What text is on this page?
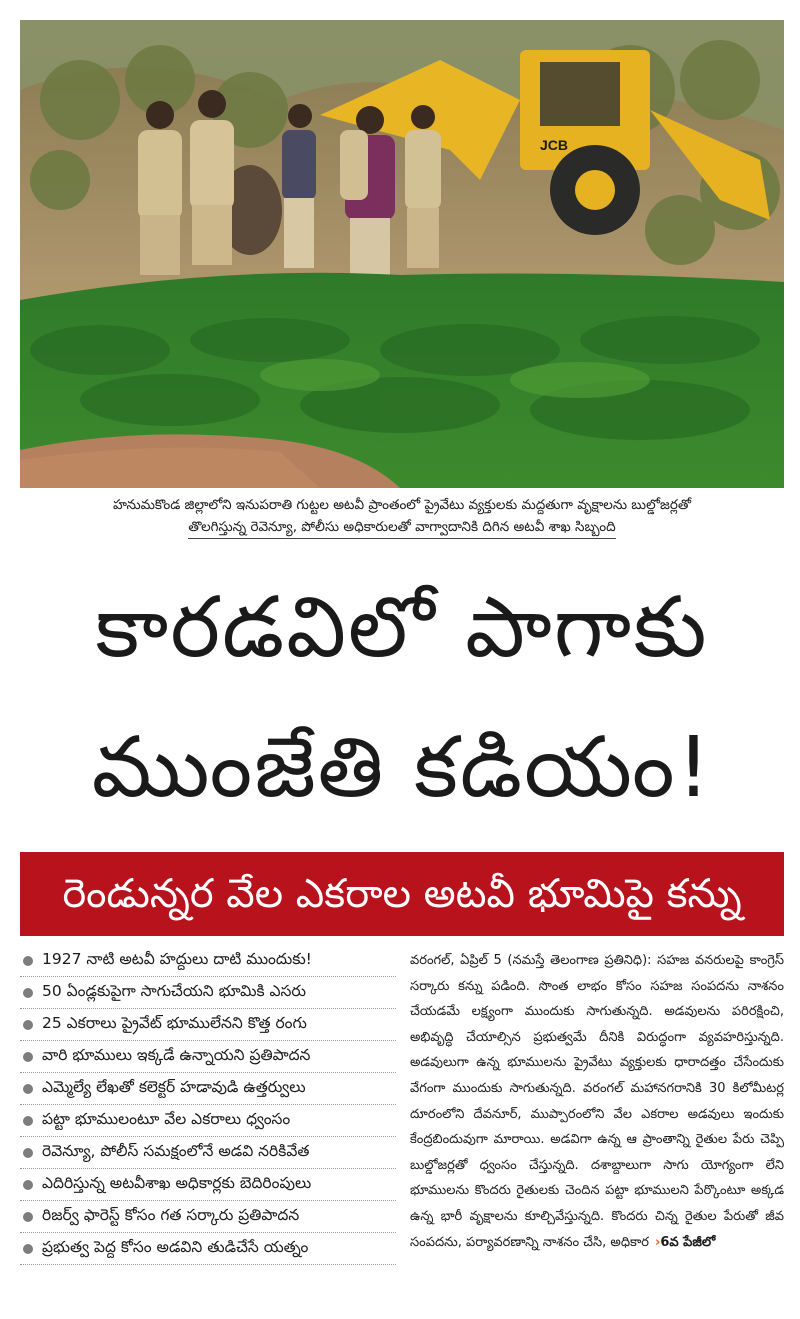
JCB
హనుమకొండ జిల్లాలోని ఇనుపరాతి గుట్టల అటవీ ప్రాంతంలో ప్రైవేటు వ్యక్తులకు మద్దతుగా వృక్షాలను బుల్డోజర్లతో
తొలగిస్తున్న రెవెన్యూ, పోలీసు అధికారులతో వాగ్వాదానికి దిగిన అటవీ శాఖ సిబ్బంది
కారడవిలో పాగాకు
ముంజేతి కడియం!
రెండున్నర వేల ఎకరాల అటవీ భూమిపై కన్ను
1927 నాటి అటవీ హద్దులు దాటి ముందుకు!
50 ఏండ్లకుపైగా సాగుచేయని భూమికి ఎసరు
25 ఎకరాలు ప్రైవేట్ భూములేనని కొత్త రంగు
వారి భూములు ఇక్కడే ఉన్నాయని ప్రతిపాదన
ఎమ్మెల్యే లేఖతో కలెక్టర్ హడావుడి ఉత్తర్వులు
పట్టా భూములంటూ వేల ఎకరాలు ధ్వంసం
రెవెన్యూ, పోలీస్ సమక్షంలోనే అడవి నరికివేత
ఎదిరిస్తున్న అటవీశాఖ అధికార్లకు బెదిరింపులు
రిజర్వ్ ఫారెస్ట్ కోసం గత సర్కారు ప్రతిపాదన
ప్రభుత్వ పెద్ద కోసం అడవిని తుడిచేసే యత్నం

వరంగల్, ఏప్రిల్ 5 (నమస్తే తెలంగాణ ప్రతినిధి): సహజ వనరులపై కాంగ్రెస్ సర్కారు కన్ను పడింది. సొంత లాభం కోసం సహజ సంపదను నాశనం చేయడమే లక్ష్యంగా ముందుకు సాగుతున్నది. అడవులను పరిరక్షించి, అభివృద్ధి చేయాల్సిన ప్రభుత్వమే దీనికి విరుద్ధంగా వ్యవహరిస్తున్నది. అడవులుగా ఉన్న భూములను ప్రైవేటు వ్యక్తులకు ధారాదత్తం చేసేందుకు వేగంగా ముందుకు సాగుతున్నది. వరంగల్ మహానగరానికి 30 కిలోమీటర్ల దూరంలోని దేవనూర్, ముప్పారంలోని వేల ఎకరాల అడవులు ఇందుకు కేంద్రబిందువుగా మారాయి. అడవిగా ఉన్న ఆ ప్రాంతాన్ని రైతుల పేరు చెప్పి బుల్డోజర్లతో ధ్వంసం చేస్తున్నది. దశాబ్దాలుగా సాగు యోగ్యంగా లేని భూములను కొందరు రైతులకు చెందిన పట్టా భూములని పేర్కొంటూ అక్కడ ఉన్న భారీ వృక్షాలను కూల్చివేస్తున్నది. కొందరు చిన్న రైతుల పేరుతో జీవ సంపదను, పర్యావరణాన్ని నాశనం చేసి, అధికార ›6వ పేజీలో
